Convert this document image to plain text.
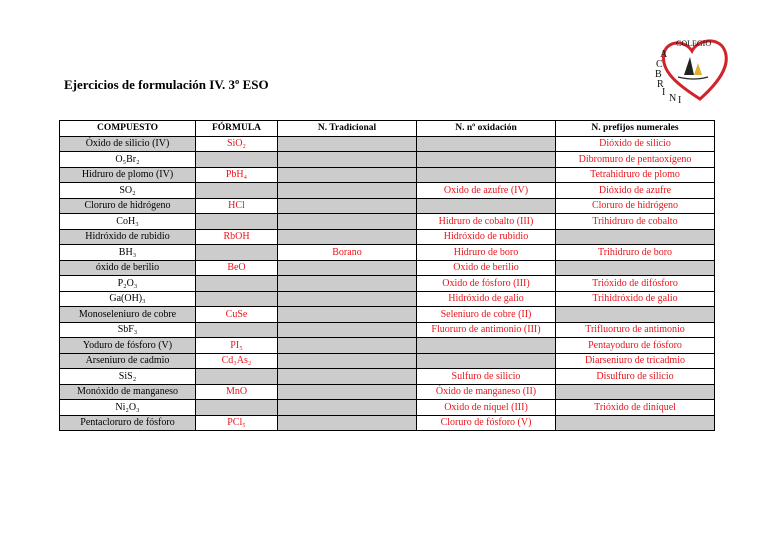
Ejercicios de formulación IV. 3º ESO
COLEGIO
A
C
B
R
I
N I
COMPUESTO	FÓRMULA	N. Tradicional	N. nº oxidación	N. prefijos numerales
Óxido de silicio (IV)	SiO₂			Dióxido de silicio
O₅Br₂				Dibromuro de pentaoxígeno
Hidruro de plomo (IV)	PbH₄			Tetrahidruro de plomo
SO₂			Oxido de azufre (IV)	Dióxido de azufre
Cloruro de hidrógeno	HCl			Cloruro de hidrógeno
CoH₃			Hidruro de cobalto (III)	Trihidruro de cobalto
Hidróxido de rubidio	RbOH		Hidróxido de rubidio	
BH₃		Borano	Hidruro de boro	Trihidruro de boro
óxido de berilio	BeO		Oxido de berilio	
P₂O₃			Oxido de fósforo (III)	Trióxido de difósforo
Ga(OH)₃			Hidróxido de galio	Trihidróxido de galio
Monoseleniuro de cobre	CuSe		Seleniuro de cobre (II)	
SbF₃			Fluoruro de antimonio (III)	Trifluoruro de antimonio
Yoduro de fósforo (V)	PI₅			Pentayoduro de fósforo
Arseniuro de cadmio	Cd₃As₂			Diarseniuro de tricadmio
SiS₂			Sulfuro de silicio	Disulfuro de silicio
Monóxido de manganeso	MnO		Óxido de manganeso (II)	
Ni₂O₃			Oxido de níquel (III)	Trióxido de diníquel
Pentacloruro de fósforo	PCl₅		Cloruro de fósforo (V)	
